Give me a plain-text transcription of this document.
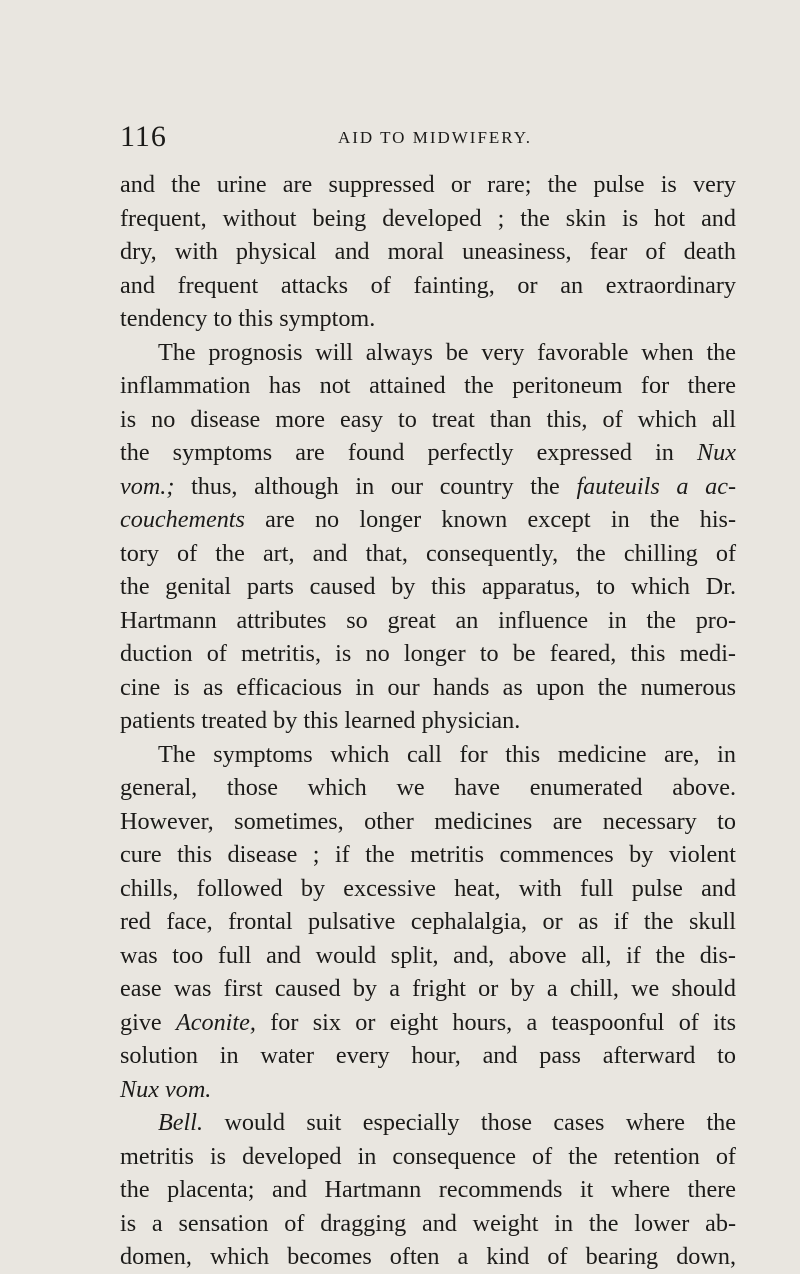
116	AID TO MIDWIFERY.

and the urine are suppressed or rare; the pulse is very
frequent, without being developed ; the skin is hot and
dry, with physical and moral uneasiness, fear of death
and frequent attacks of fainting, or an extraordinary
tendency to this symptom.

The prognosis will always be very favorable when the
inflammation has not attained the peritoneum for there
is no disease more easy to treat than this, of which all
the symptoms are found perfectly expressed in Nux
vom.; thus, although in our country the fauteuils a ac-
couchements are no longer known except in the his-
tory of the art, and that, consequently, the chilling of
the genital parts caused by this apparatus, to which Dr.
Hartmann attributes so great an influence in the pro-
duction of metritis, is no longer to be feared, this medi-
cine is as efficacious in our hands as upon the numerous
patients treated by this learned physician.

The symptoms which call for this medicine are, in
general, those which we have enumerated above.
However, sometimes, other medicines are necessary to
cure this disease ; if the metritis commences by violent
chills, followed by excessive heat, with full pulse and
red face, frontal pulsative cephalalgia, or as if the skull
was too full and would split, and, above all, if the dis-
ease was first caused by a fright or by a chill, we should
give Aconite, for six or eight hours, a teaspoonful of its
solution in water every hour, and pass afterward to
Nux vom.

Bell. would suit especially those cases where the
metritis is developed in consequence of the retention of
the placenta; and Hartmann recommends it where there
is a sensation of dragging and weight in the lower ab-
domen, which becomes often a kind of bearing down,
